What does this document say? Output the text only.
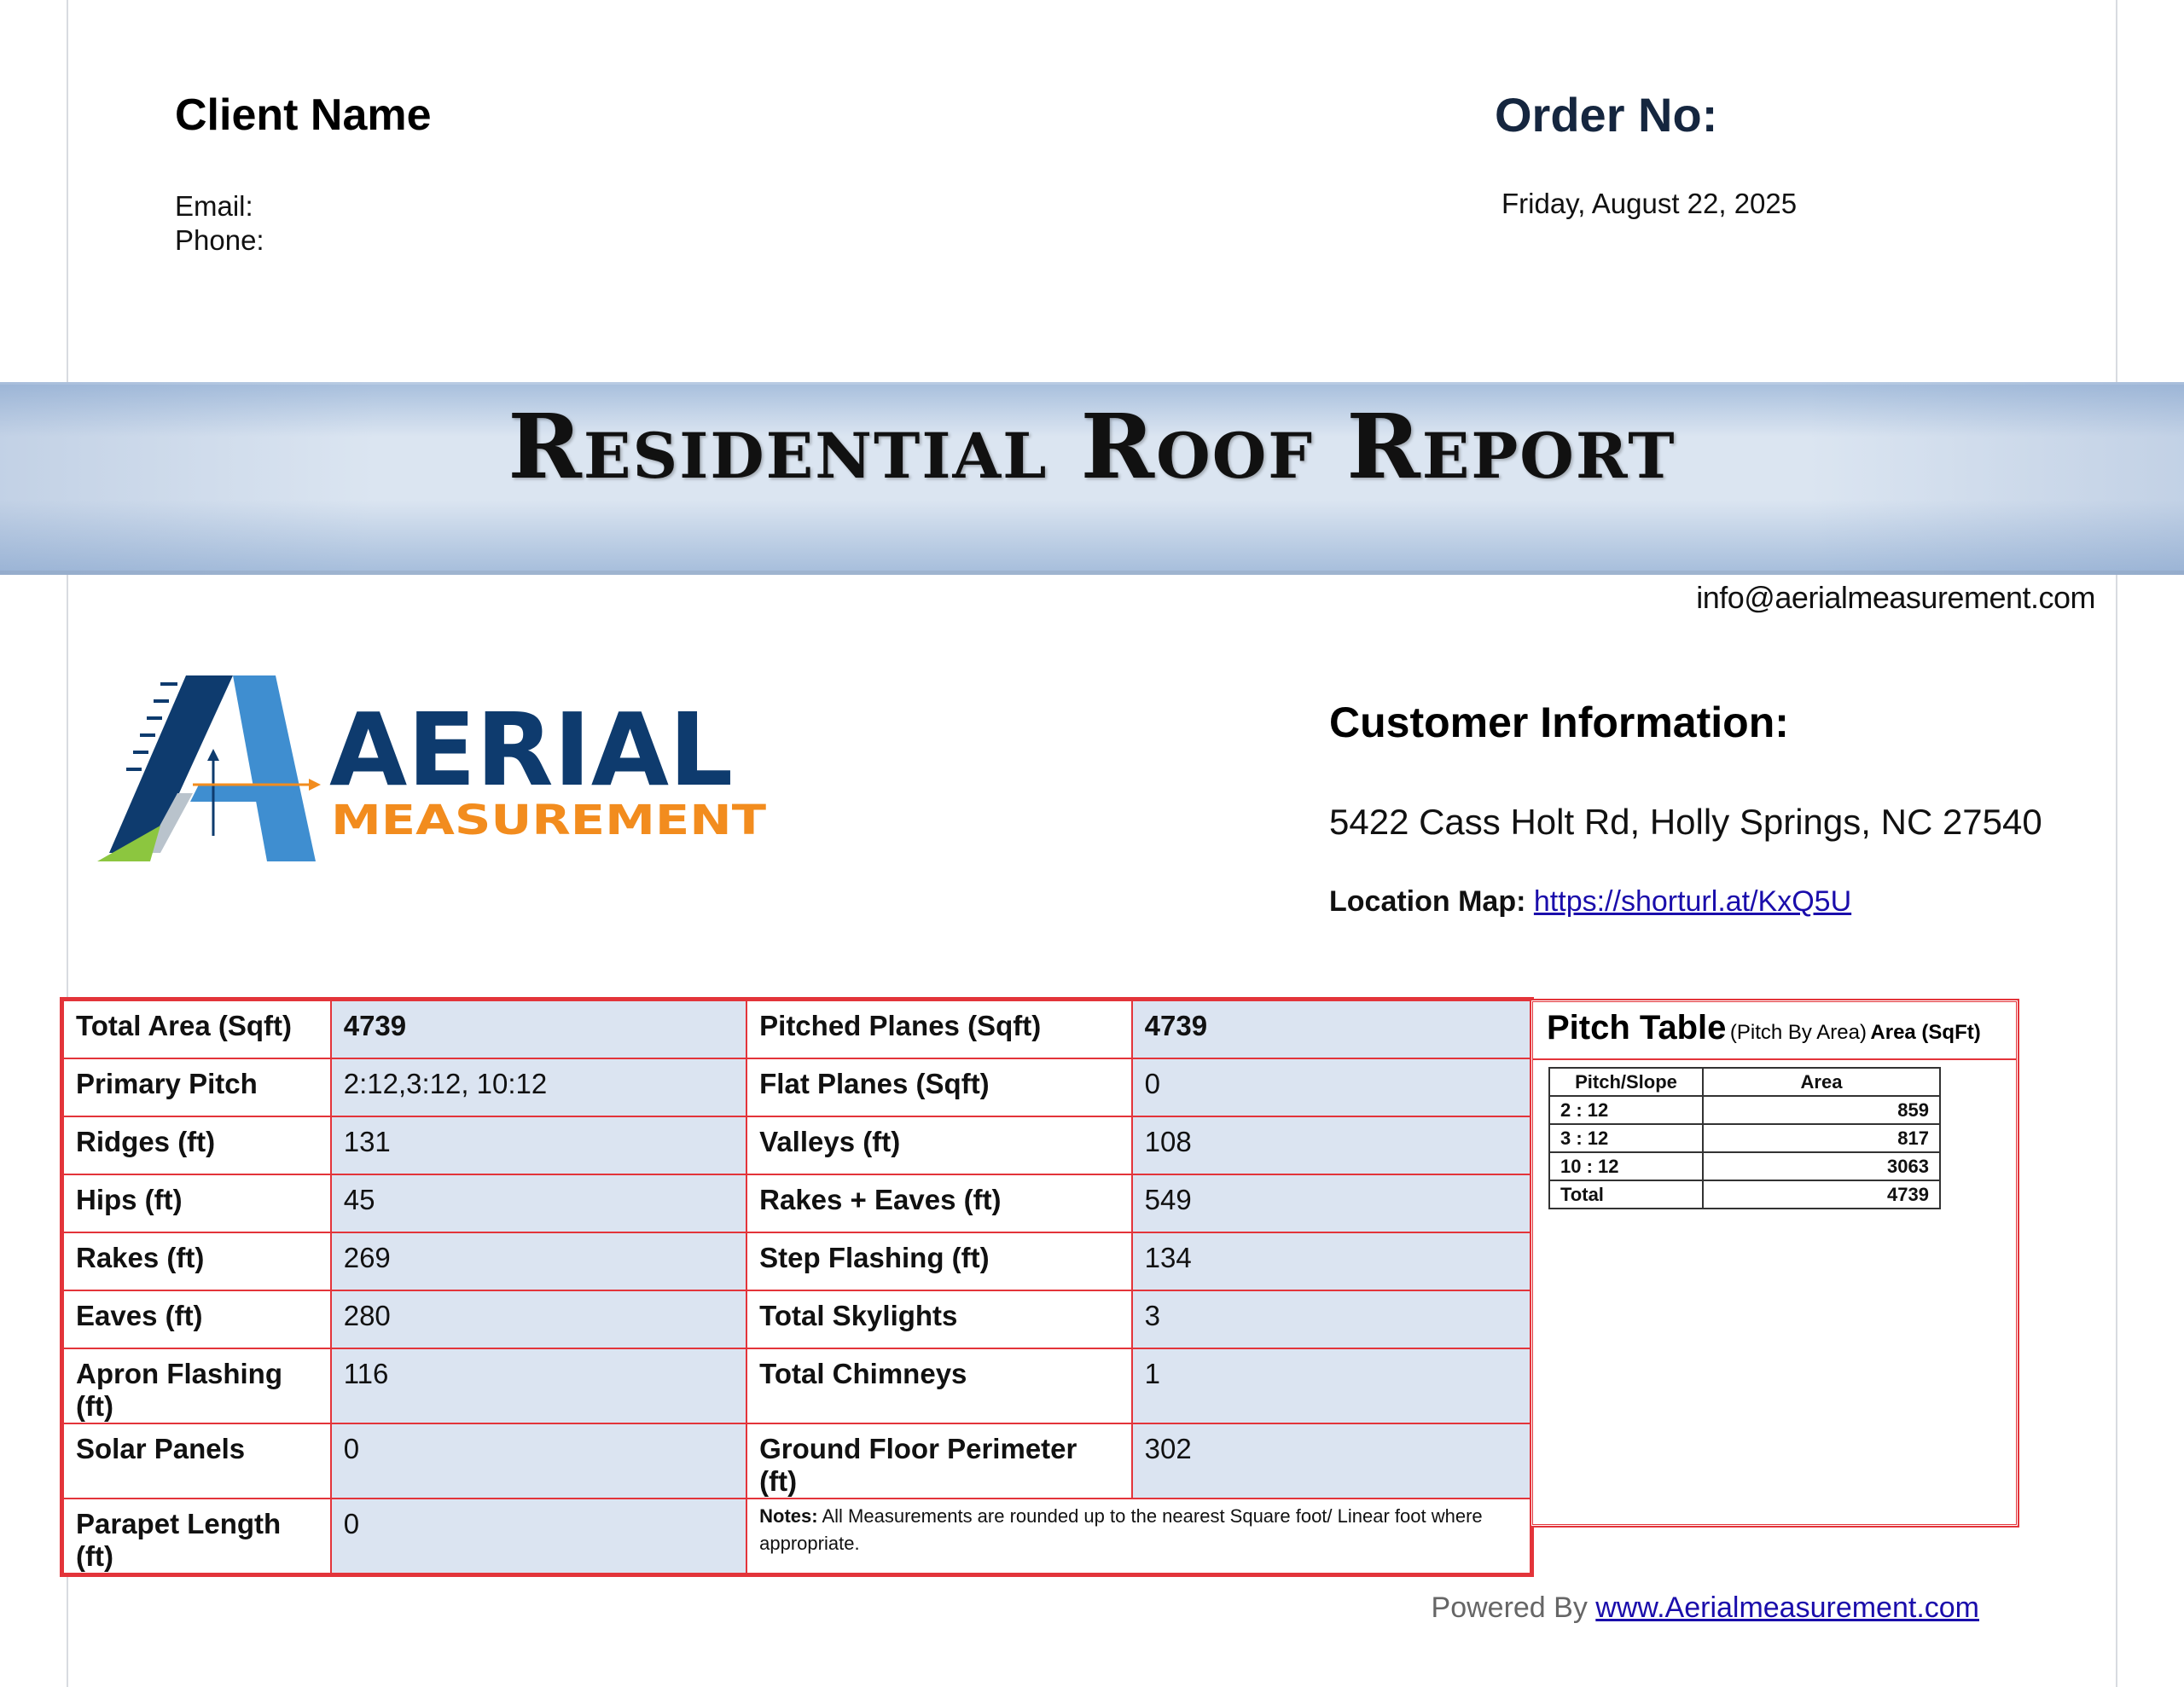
Client Name
Email:
Phone:
Order No:
Friday, August 22, 2025
Residential Roof Report
info@aerialmeasurement.com
AERIAL
MEASUREMENT
Customer Information:
5422 Cass Holt Rd, Holly Springs, NC 27540
Location Map: https://shorturl.at/KxQ5U
Total Area (Sqft)	4739	Pitched Planes (Sqft)	4739
Primary Pitch	2:12,3:12, 10:12	Flat Planes (Sqft)	0
Ridges (ft)	131	Valleys (ft)	108
Hips (ft)	45	Rakes + Eaves (ft)	549
Rakes (ft)	269	Step Flashing (ft)	134
Eaves (ft)	280	Total Skylights	3
Apron Flashing (ft)	116	Total Chimneys	1
Solar Panels	0	Ground Floor Perimeter (ft)	302
Parapet Length (ft)	0	Notes: All Measurements are rounded up to the nearest Square foot/ Linear foot where appropriate.	
Pitch Table (Pitch By Area) Area (SqFt)
Pitch/Slope	Area
2 : 12	859
3 : 12	817
10 : 12	3063
Total	4739
Powered By www.Aerialmeasurement.com
